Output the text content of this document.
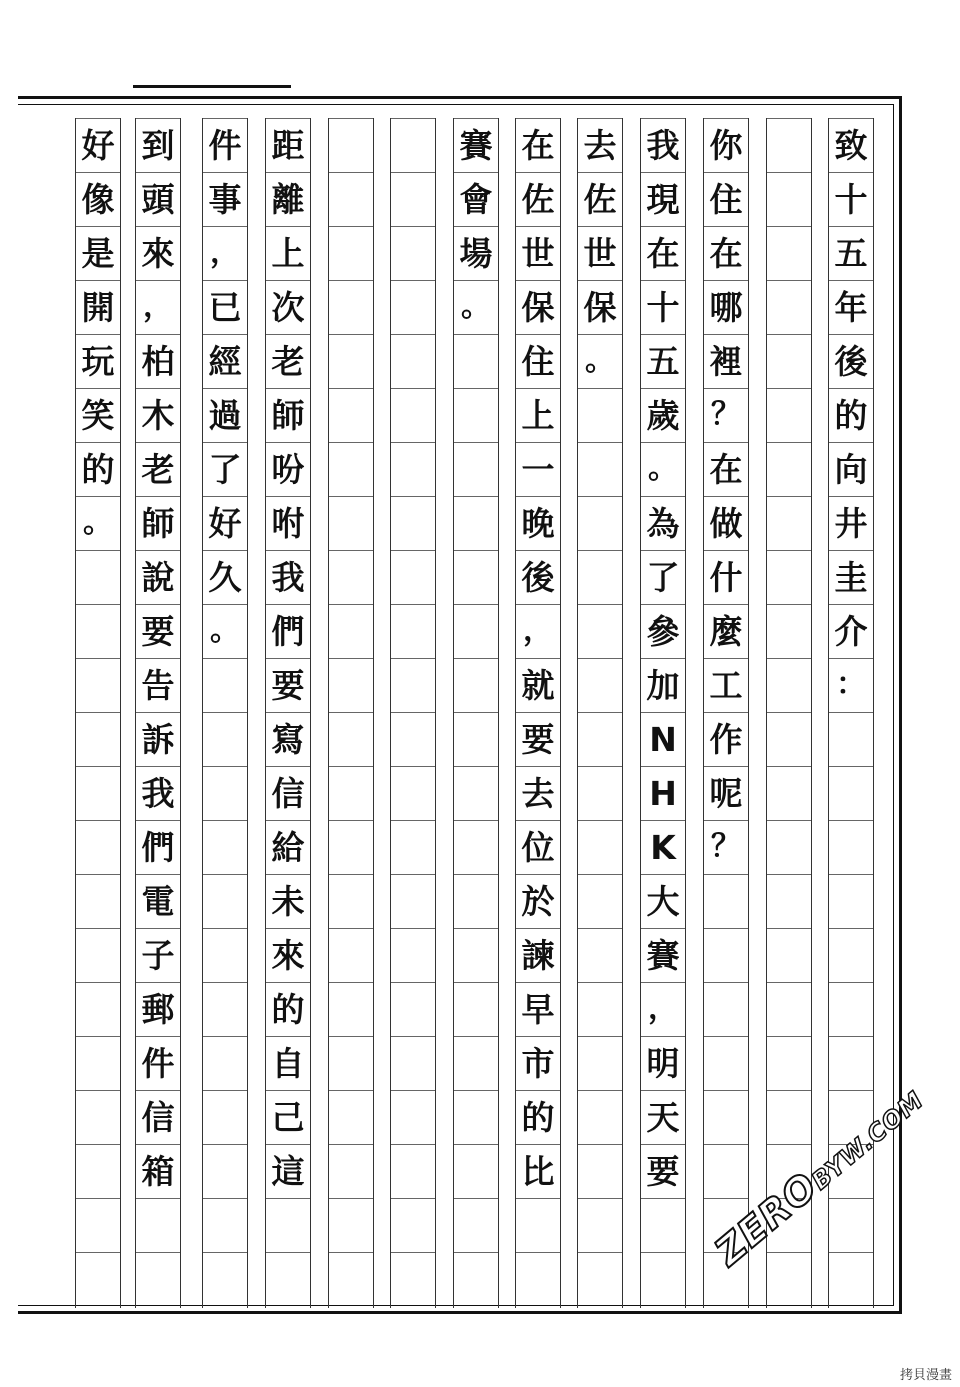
致
十
五
年
後
的
向
井
圭
介
：
你
住
在
哪
裡
？
在
做
什
麼
工
作
呢
？
我
現
在
十
五
歲
。
為
了
參
加
N
H
K
大
賽
，
明
天
要
去
佐
世
保
。
在
佐
世
保
住
上
一
晚
後
，
就
要
去
位
於
諫
早
市
的
比
賽
會
場
。
距
離
上
次
老
師
吩
咐
我
們
要
寫
信
給
未
來
的
自
己
這
件
事
，
已
經
過
了
好
久
。
到
頭
來
，
柏
木
老
師
說
要
告
訴
我
們
電
子
郵
件
信
箱
好
像
是
開
玩
笑
的
。
ZEROBYW.COM
拷貝漫畫
